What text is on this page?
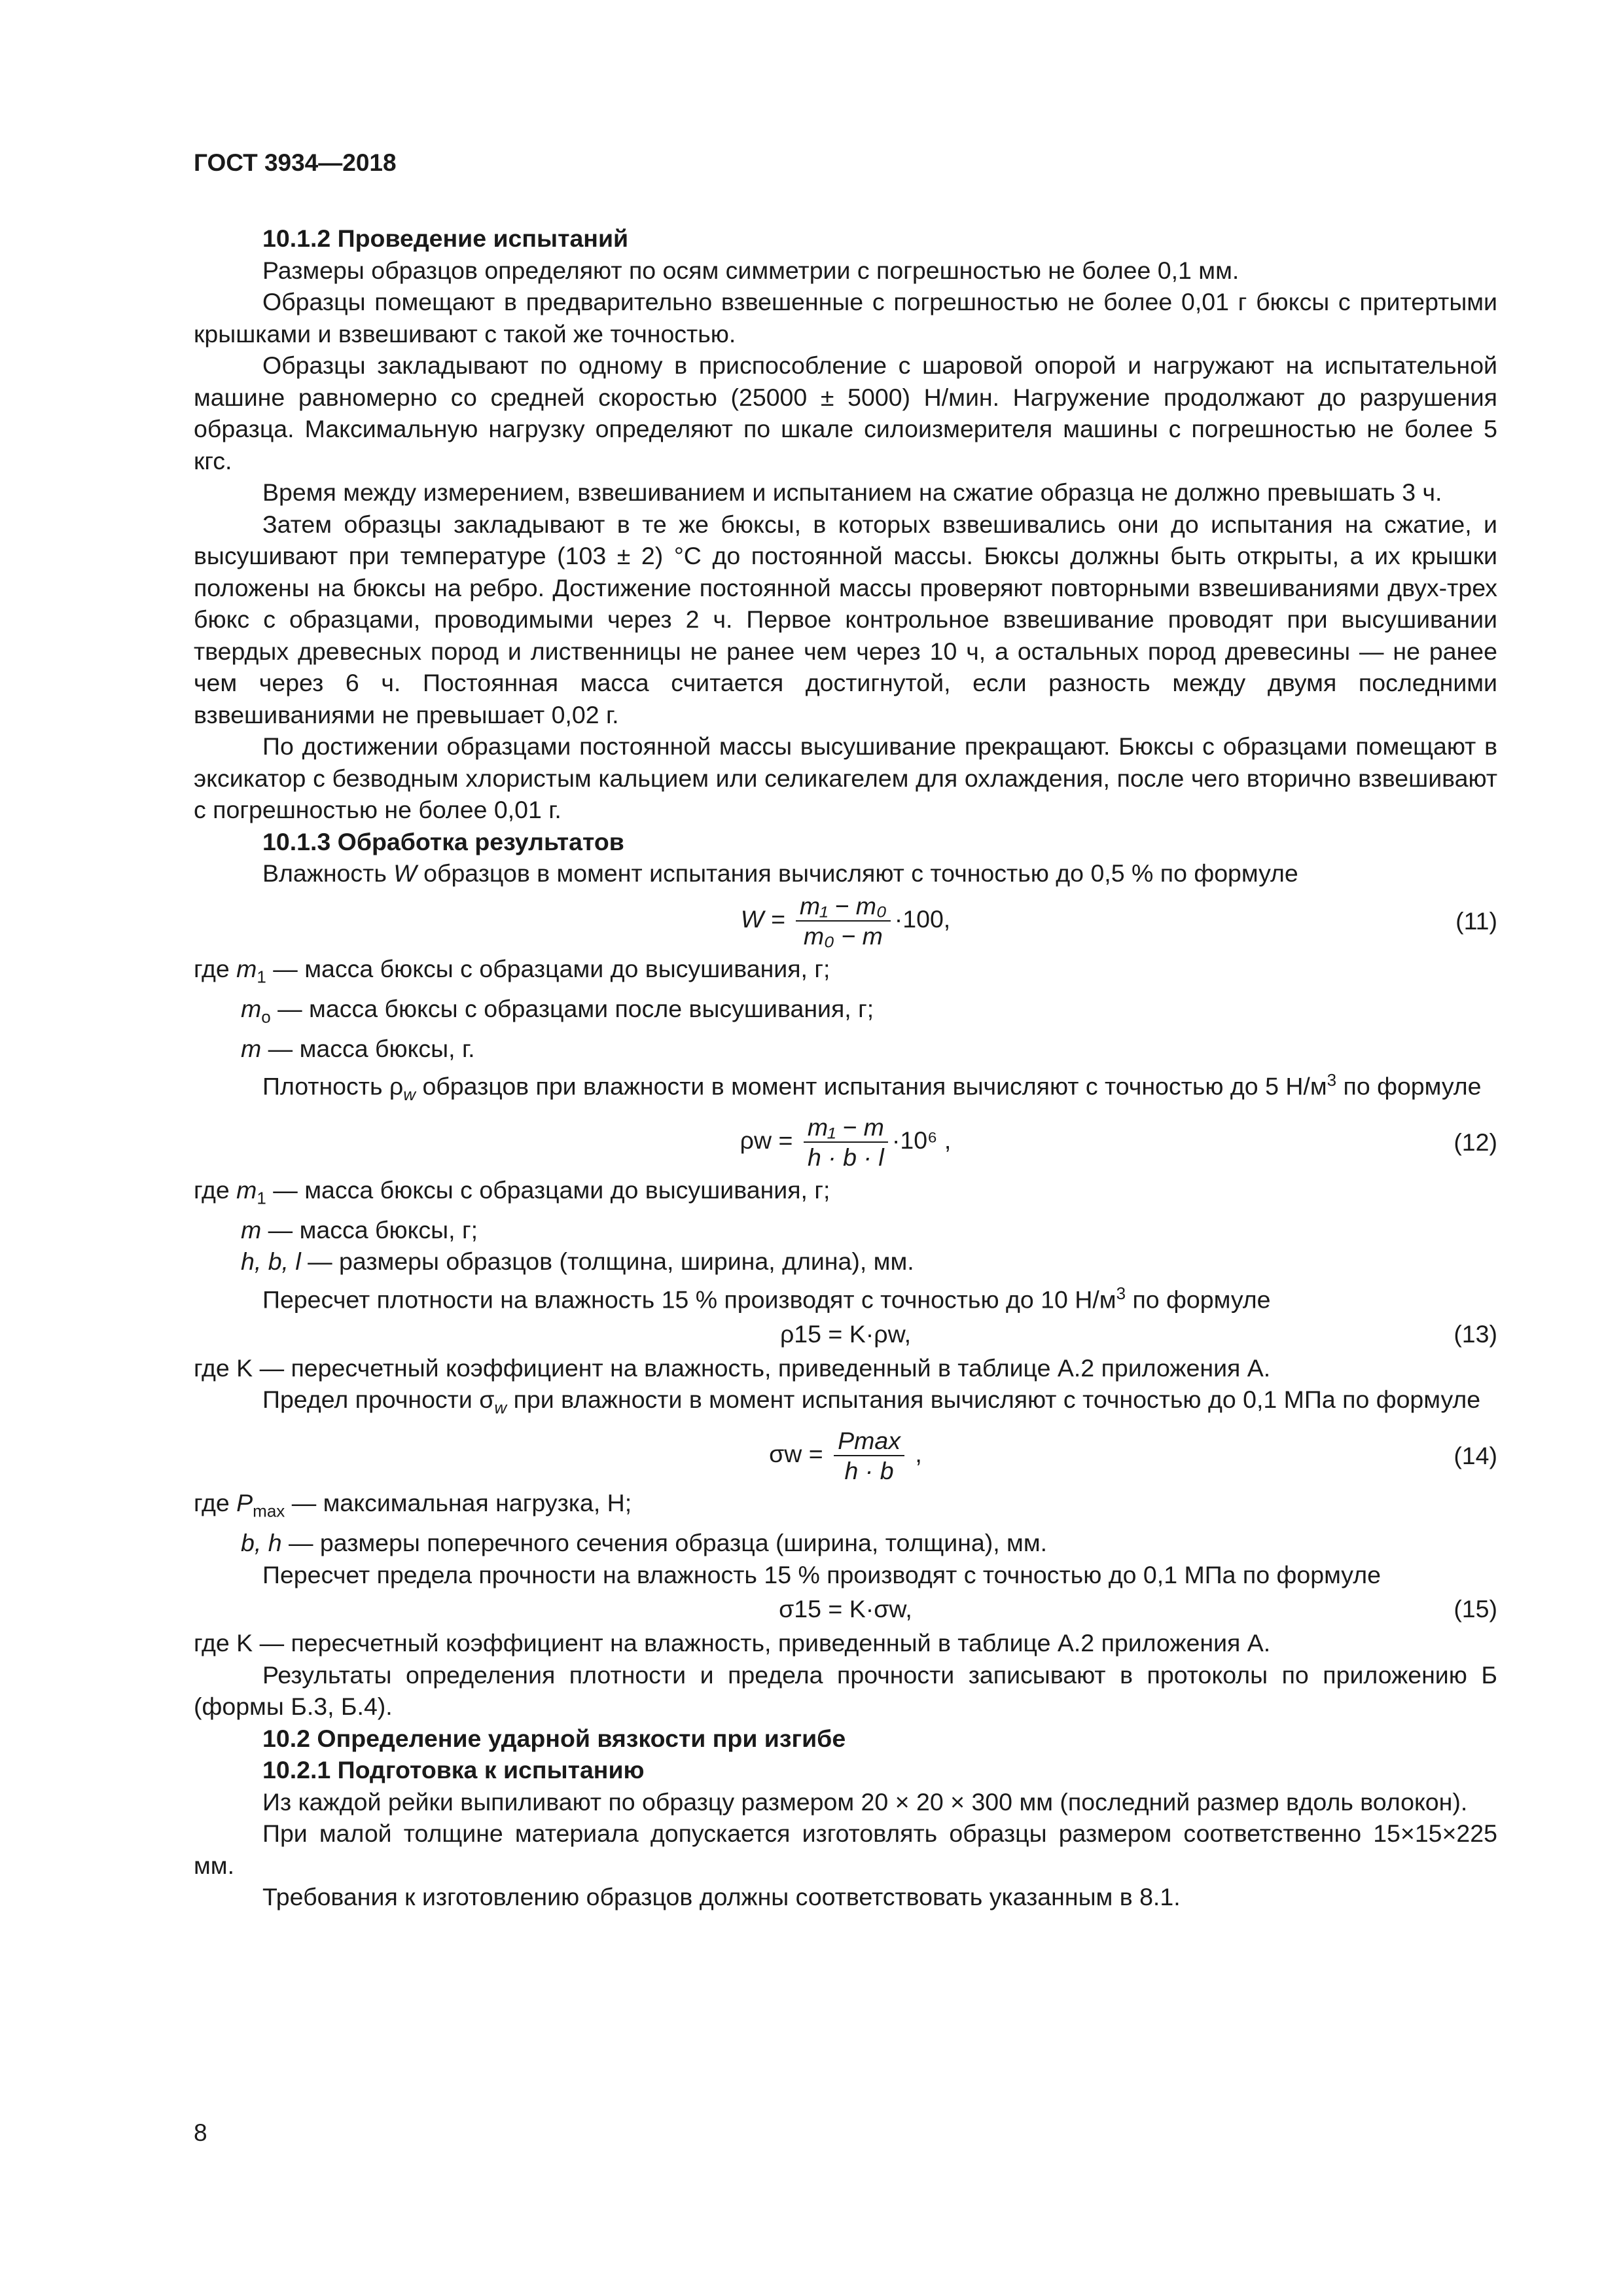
ГОСТ 3934—2018

10.1.2 Проведение испытаний

Размеры образцов определяют по осям симметрии с погрешностью не более 0,1 мм.

Образцы помещают в предварительно взвешенные с погрешностью не более 0,01 г бюксы с притертыми крышками и взвешивают с такой же точностью.

Образцы закладывают по одному в приспособление с шаровой опорой и нагружают на испытательной машине равномерно со средней скоростью (25000 ± 5000) Н/мин. Нагружение продолжают до разрушения образца. Максимальную нагрузку определяют по шкале силоизмерителя машины с погрешностью не более 5 кгс.

Время между измерением, взвешиванием и испытанием на сжатие образца не должно превышать 3 ч.

Затем образцы закладывают в те же бюксы, в которых взвешивались они до испытания на сжатие, и высушивают при температуре (103 ± 2) °С до постоянной массы. Бюксы должны быть открыты, а их крышки положены на бюксы на ребро. Достижение постоянной массы проверяют повторными взвешиваниями двух-трех бюкс с образцами, проводимыми через 2 ч. Первое контрольное взвешивание проводят при высушивании твердых древесных пород и лиственницы не ранее чем через 10 ч, а остальных пород древесины — не ранее чем через 6 ч. Постоянная масса считается достигнутой, если разность между двумя последними взвешиваниями не превышает 0,02 г.

По достижении образцами постоянной массы высушивание прекращают. Бюксы с образцами помещают в эксикатор с безводным хлористым кальцием или селикагелем для охлаждения, после чего вторично взвешивают с погрешностью не более 0,01 г.

10.1.3 Обработка результатов

Влажность W образцов в момент испытания вычисляют с точностью до 0,5 % по формуле

$W = \frac{\text{m₁ − m₀}}{\text{m₀ − m}} \cdot 100$,	(11)

где $m_1$ — масса бюксы с образцами до высушивания, г;

$m_о$ — масса бюксы с образцами после высушивания, г;

m — масса бюксы, г.

Плотность $\rho_w$ образцов при влажности в момент испытания вычисляют с точностью до 5 $Н/м^3$ по формуле

$\rho w = \frac{\text{m₁ − m}}{h \cdot b \cdot l} \cdot 10^6$ ,	(12)

где $m_1$ — масса бюксы с образцами до высушивания, г;

m — масса бюксы, г;

h, b, l — размеры образцов (толщина, ширина, длина), мм.

Пересчет плотности на влажность 15 % производят с точностью до 10 $Н/м^3$ по формуле

ρ15 = K·ρw,	(13)

где K — пересчетный коэффициент на влажность, приведенный в таблице А.2 приложения А.

Предел прочности $\sigma_w$ при влажности в момент испытания вычисляют с точностью до 0,1 МПа по формуле

$\sigma w = \frac{Pmax}{h \cdot b}$ ,	(14)

где $P_{max}$ — максимальная нагрузка, Н;

b, h — размеры поперечного сечения образца (ширина, толщина), мм.

Пересчет предела прочности на влажность 15 % производят с точностью до 0,1 МПа по формуле

σ15 = K·σw,	(15)

где K — пересчетный коэффициент на влажность, приведенный в таблице А.2 приложения А.

Результаты определения плотности и предела прочности записывают в протоколы по приложению Б (формы Б.3, Б.4).

10.2 Определение ударной вязкости при изгибе

10.2.1 Подготовка к испытанию

Из каждой рейки выпиливают по образцу размером 20 × 20 × 300 мм (последний размер вдоль волокон).

При малой толщине материала допускается изготовлять образцы размером соответственно 15×15×225 мм.

Требования к изготовлению образцов должны соответствовать указанным в 8.1.

8
